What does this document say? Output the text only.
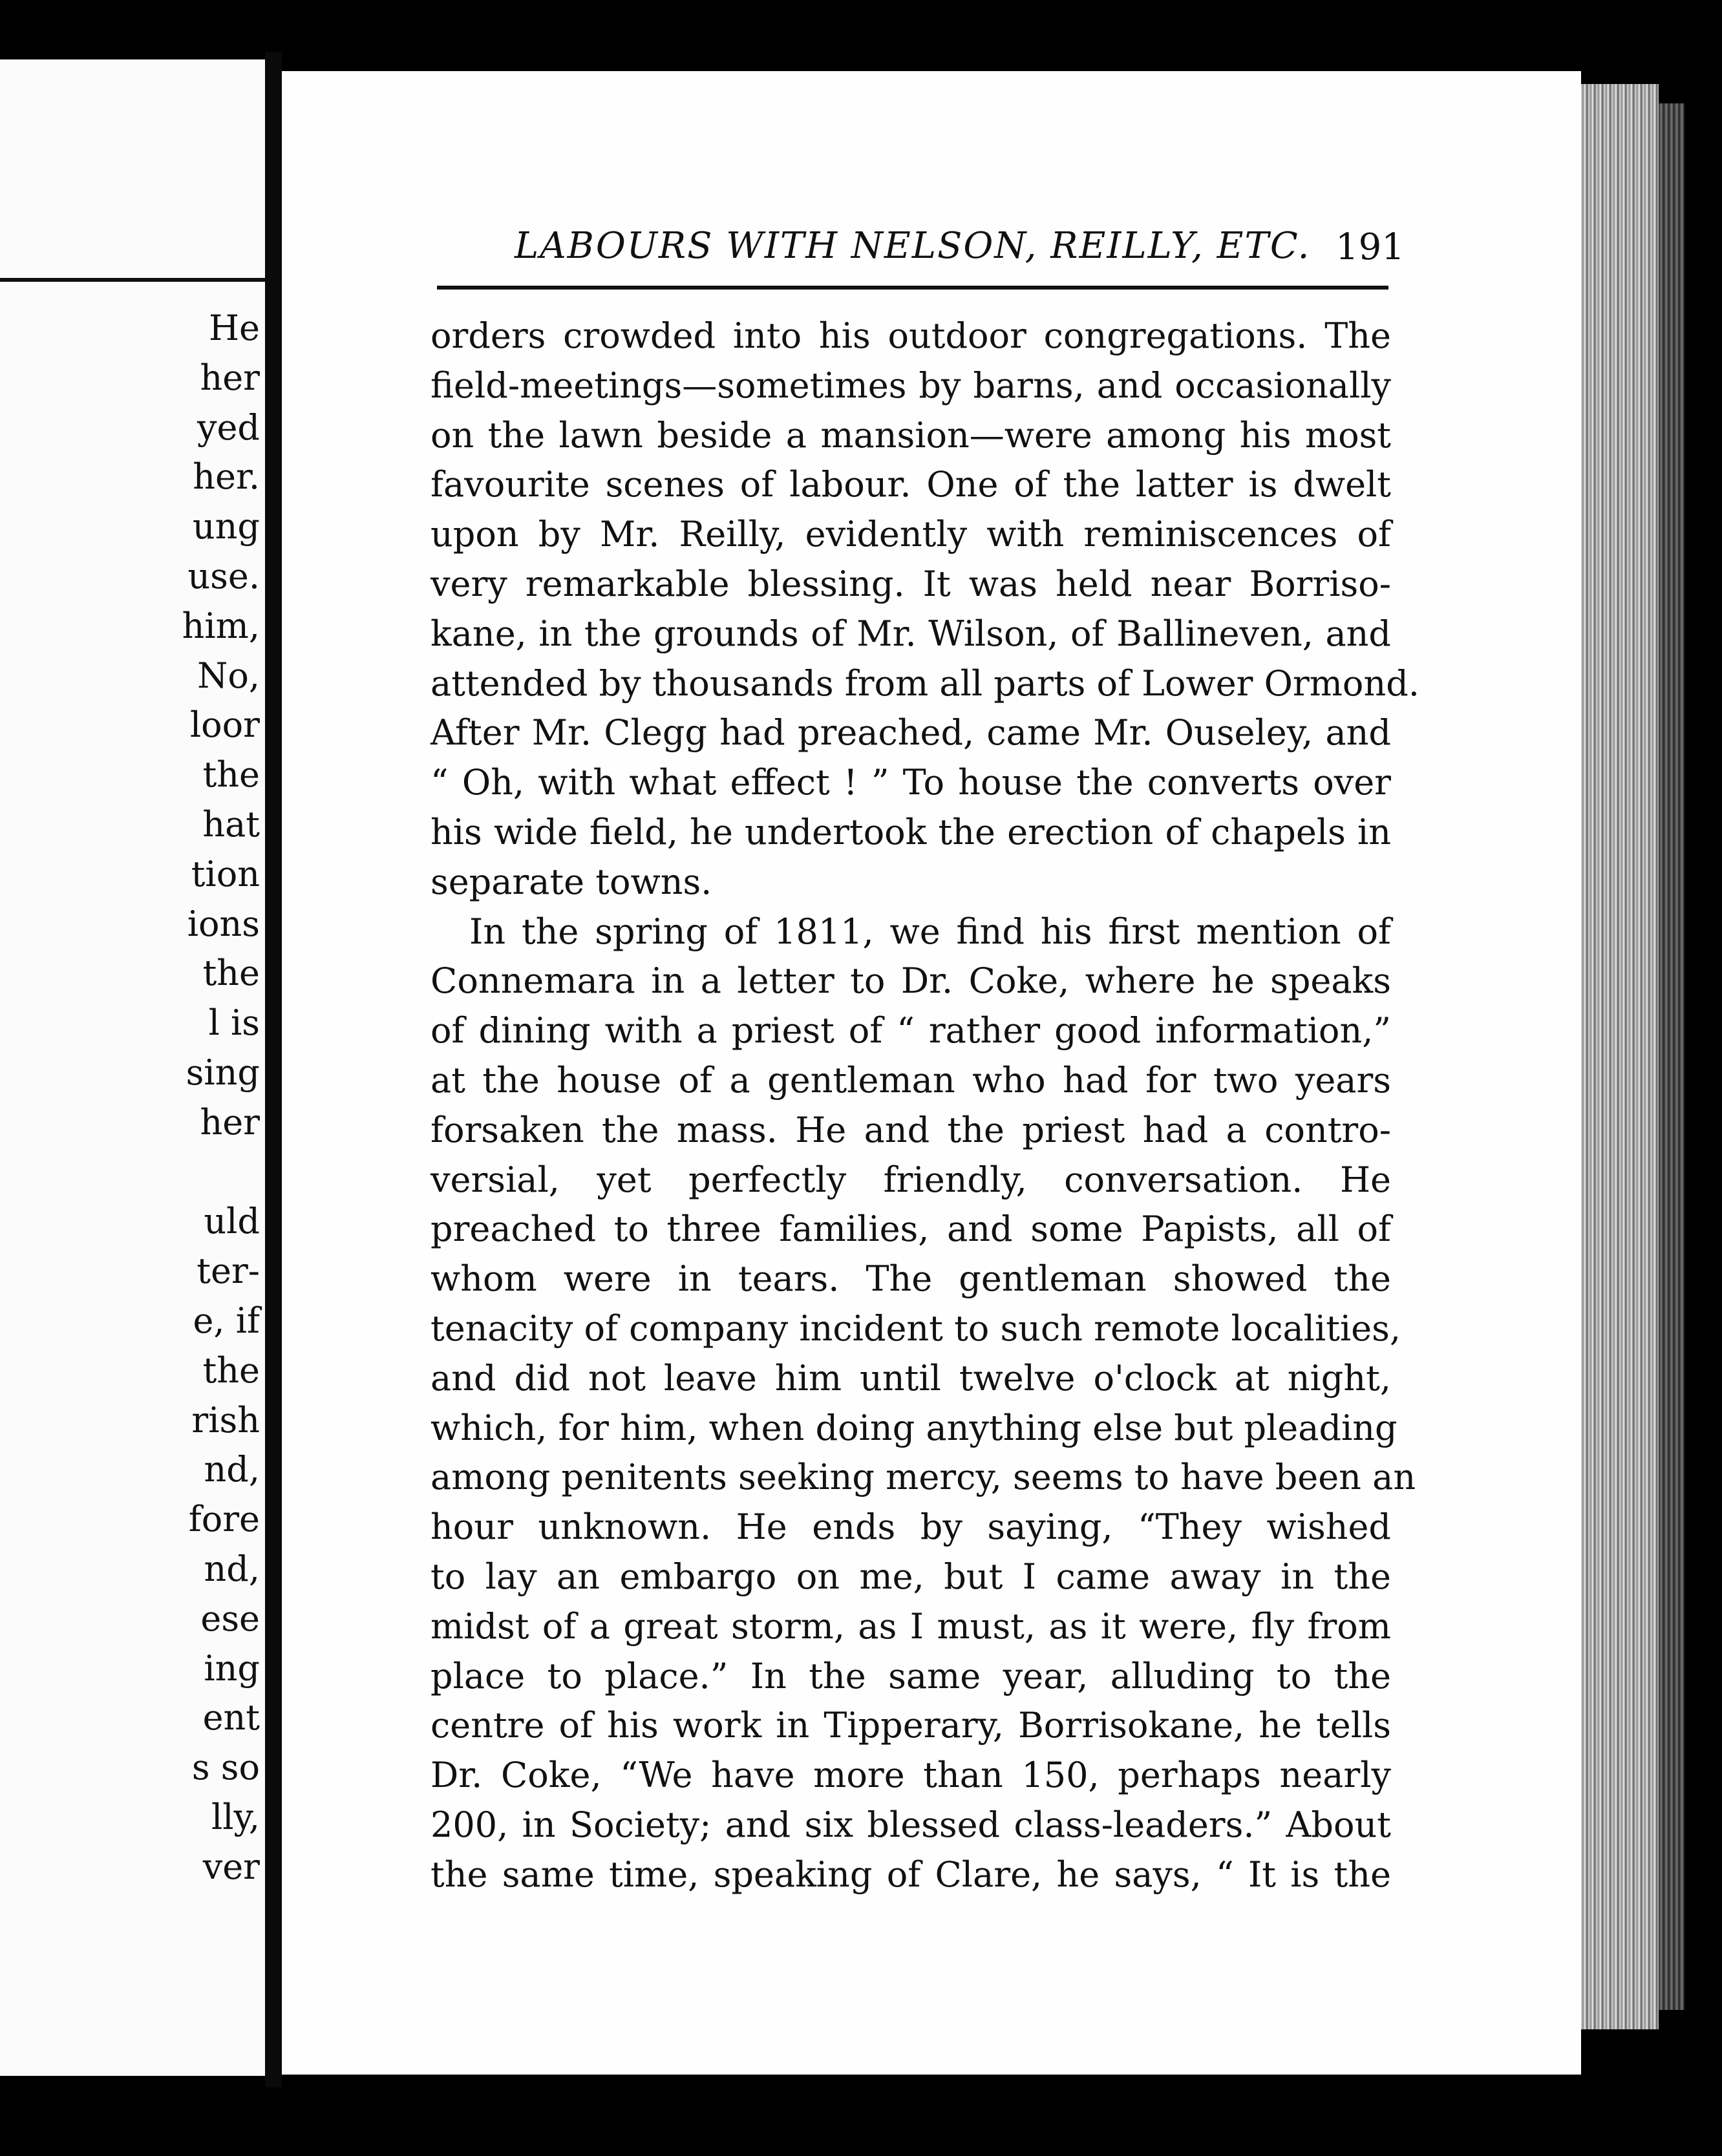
He
her
yed
her.
ung
use.
him,
No,
loor
the
hat
tion
ions
the
l is
sing
her
uld
ter-
e, if
the
rish
nd,
fore
nd,
ese
ing
ent
s so
lly,
ver
LABOURS WITH NELSON, REILLY, ETC. 191
orders crowded into his outdoor congregations. The
field-meetings—sometimes by barns, and occasionally
on the lawn beside a mansion—were among his most
favourite scenes of labour. One of the latter is dwelt
upon by Mr. Reilly, evidently with reminiscences of
very remarkable blessing. It was held near Borriso-
kane, in the grounds of Mr. Wilson, of Ballineven, and
attended by thousands from all parts of Lower Ormond.
After Mr. Clegg had preached, came Mr. Ouseley, and
“ Oh, with what effect ! ” To house the converts over
his wide field, he undertook the erection of chapels in
separate towns.
In the spring of 1811, we find his first mention of
Connemara in a letter to Dr. Coke, where he speaks
of dining with a priest of “ rather good information,”
at the house of a gentleman who had for two years
forsaken the mass. He and the priest had a contro-
versial, yet perfectly friendly, conversation. He
preached to three families, and some Papists, all of
whom were in tears. The gentleman showed the
tenacity of company incident to such remote localities,
and did not leave him until twelve o'clock at night,
which, for him, when doing anything else but pleading
among penitents seeking mercy, seems to have been an
hour unknown. He ends by saying, “They wished
to lay an embargo on me, but I came away in the
midst of a great storm, as I must, as it were, fly from
place to place.” In the same year, alluding to the
centre of his work in Tipperary, Borrisokane, he tells
Dr. Coke, “We have more than 150, perhaps nearly
200, in Society; and six blessed class-leaders.” About
the same time, speaking of Clare, he says, “ It is the
